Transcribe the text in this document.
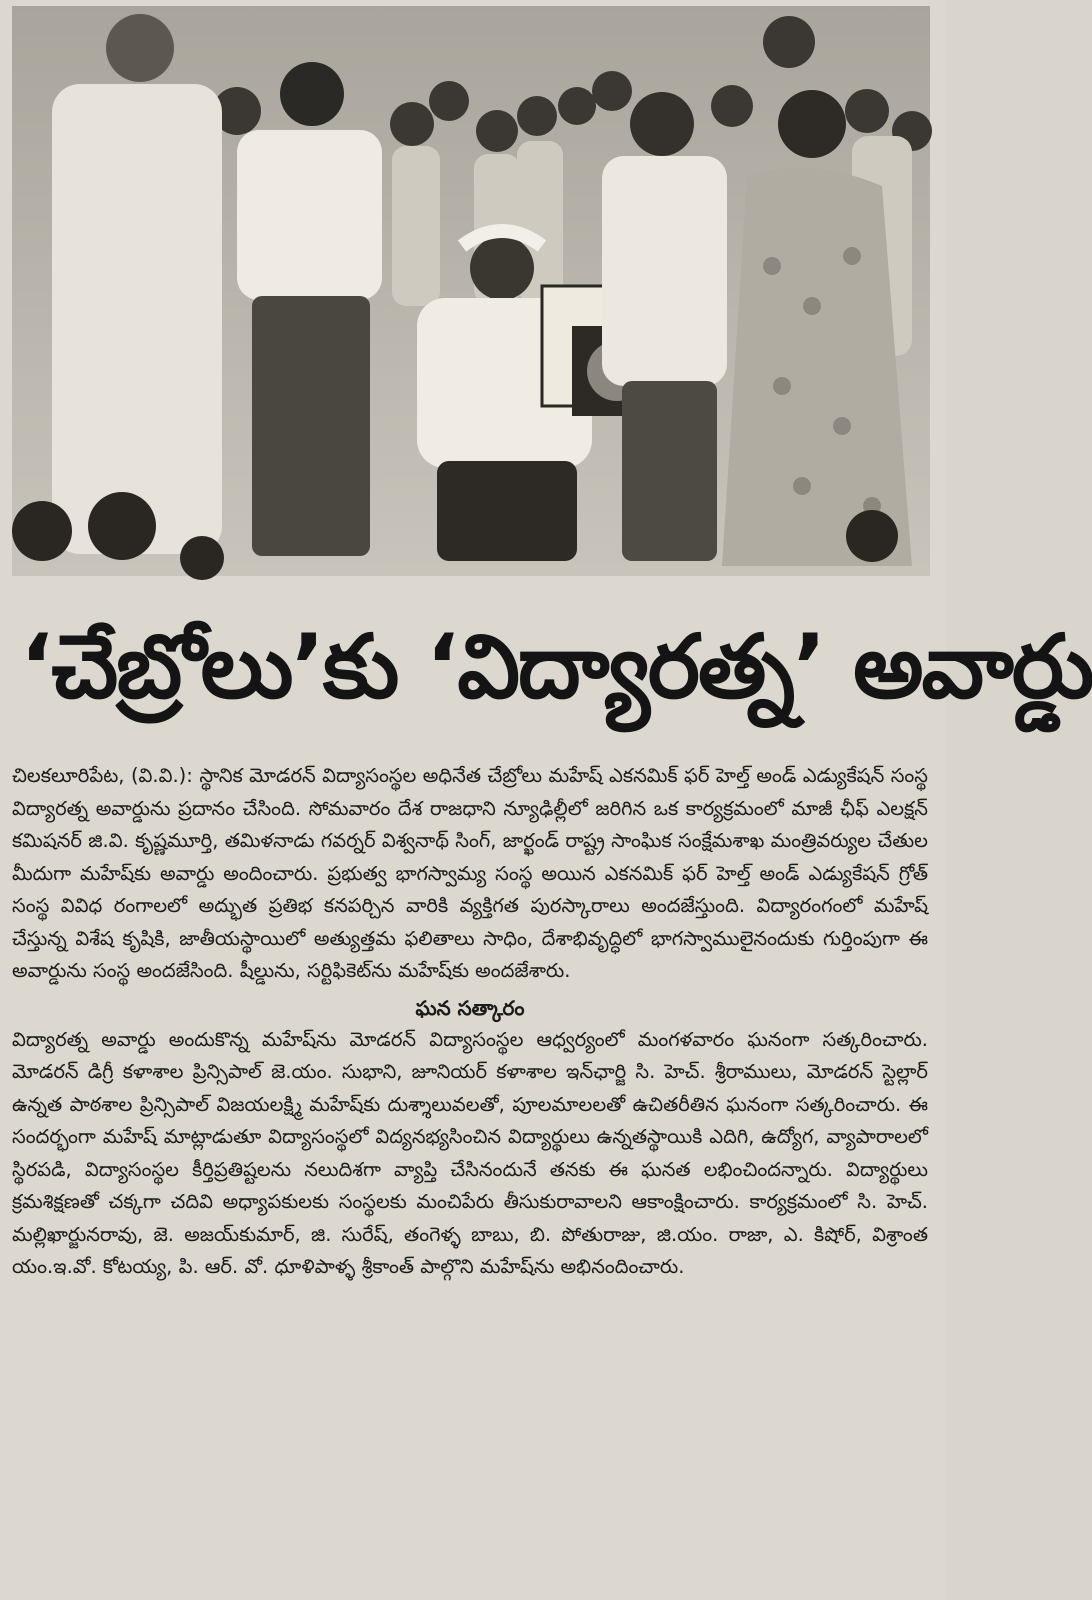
‘చేబ్రోలు’కు ‘విద్యారత్న’ అవార్డు

చిలకలూరిపేట, (వి.వి.): స్థానిక మోడరన్ విద్యాసంస్థల అధినేత చేబ్రోలు మహేష్ ఎకనమిక్ ఫర్ హెల్త్ అండ్ ఎడ్యుకేషన్ సంస్థ విద్యారత్న అవార్డును ప్రదానం చేసింది. సోమవారం దేశ రాజధాని న్యూఢిల్లీలో జరిగిన ఒక కార్యక్రమంలో మాజీ ఛీఫ్ ఎలక్షన్ కమిషనర్ జి.వి. కృష్ణమూర్తి, తమిళనాడు గవర్నర్ విశ్వనాథ్ సింగ్, జార్ఖండ్ రాష్ట్ర సాంఘిక సంక్షేమశాఖ మంత్రివర్యుల చేతుల మీదుగా మహేష్‌కు అవార్డు అందించారు. ప్రభుత్వ భాగస్వామ్య సంస్థ అయిన ఎకనమిక్ ఫర్ హెల్త్ అండ్ ఎడ్యుకేషన్ గ్రోత్ సంస్థ వివిధ రంగాలలో అద్భుత ప్రతిభ కనపర్చిన వారికి వ్యక్తిగత పురస్కారాలు అందజేస్తుంది. విద్యారంగంలో మహేష్ చేస్తున్న విశేష కృషికి, జాతీయస్థాయిలో అత్యుత్తమ ఫలితాలు సాధిం, దేశాభివృద్ధిలో భాగస్వాములైనందుకు గుర్తింపుగా ఈ అవార్డును సంస్థ అందజేసింది. షీల్డును, సర్టిఫికెట్‌ను మహేష్‌కు అందజేశారు.

ఘన సత్కారం

విద్యారత్న అవార్డు అందుకొన్న మహేష్‌ను మోడరన్ విద్యాసంస్థల ఆధ్వర్యంలో మంగళవారం ఘనంగా సత్కరించారు. మోడరన్ డిగ్రీ కళాశాల ప్రిన్సిపాల్ జె.యం. సుభాని, జూనియర్ కళాశాల ఇన్‌ఛార్జి సి. హెచ్. శ్రీరాములు, మోడరన్ స్టెల్లార్ ఉన్నత పాఠశాల ప్రిన్సిపాల్ విజయలక్ష్మి మహేష్‌కు దుశ్శాలువలతో, పూలమాలలతో ఉచితరీతిన ఘనంగా సత్కరించారు. ఈ సందర్భంగా మహేష్ మాట్లాడుతూ విద్యాసంస్థలో విద్యనభ్యసించిన విద్యార్థులు ఉన్నతస్థాయికి ఎదిగి, ఉద్యోగ, వ్యాపారాలలో స్థిరపడి, విద్యాసంస్థల కీర్తిప్రతిష్టలను నలుదిశగా వ్యాప్తి చేసినందునే తనకు ఈ ఘనత లభించిందన్నారు. విద్యార్థులు క్రమశిక్షణతో చక్కగా చదివి అధ్యాపకులకు సంస్థలకు మంచిపేరు తీసుకురావాలని ఆకాంక్షించారు. కార్యక్రమంలో సి. హెచ్. మల్లిఖార్జునరావు, జె. అజయ్‌కుమార్, జి. సురేష్, తంగెళ్ళ బాబు, బి. పోతురాజు, జి.యం. రాజా, ఎ. కిషోర్, విశ్రాంత యం.ఇ.వో. కోటయ్య, పి. ఆర్. వో. ధూళిపాళ్ళ శ్రీకాంత్ పాల్గొని మహేష్‌ను అభినందించారు.
